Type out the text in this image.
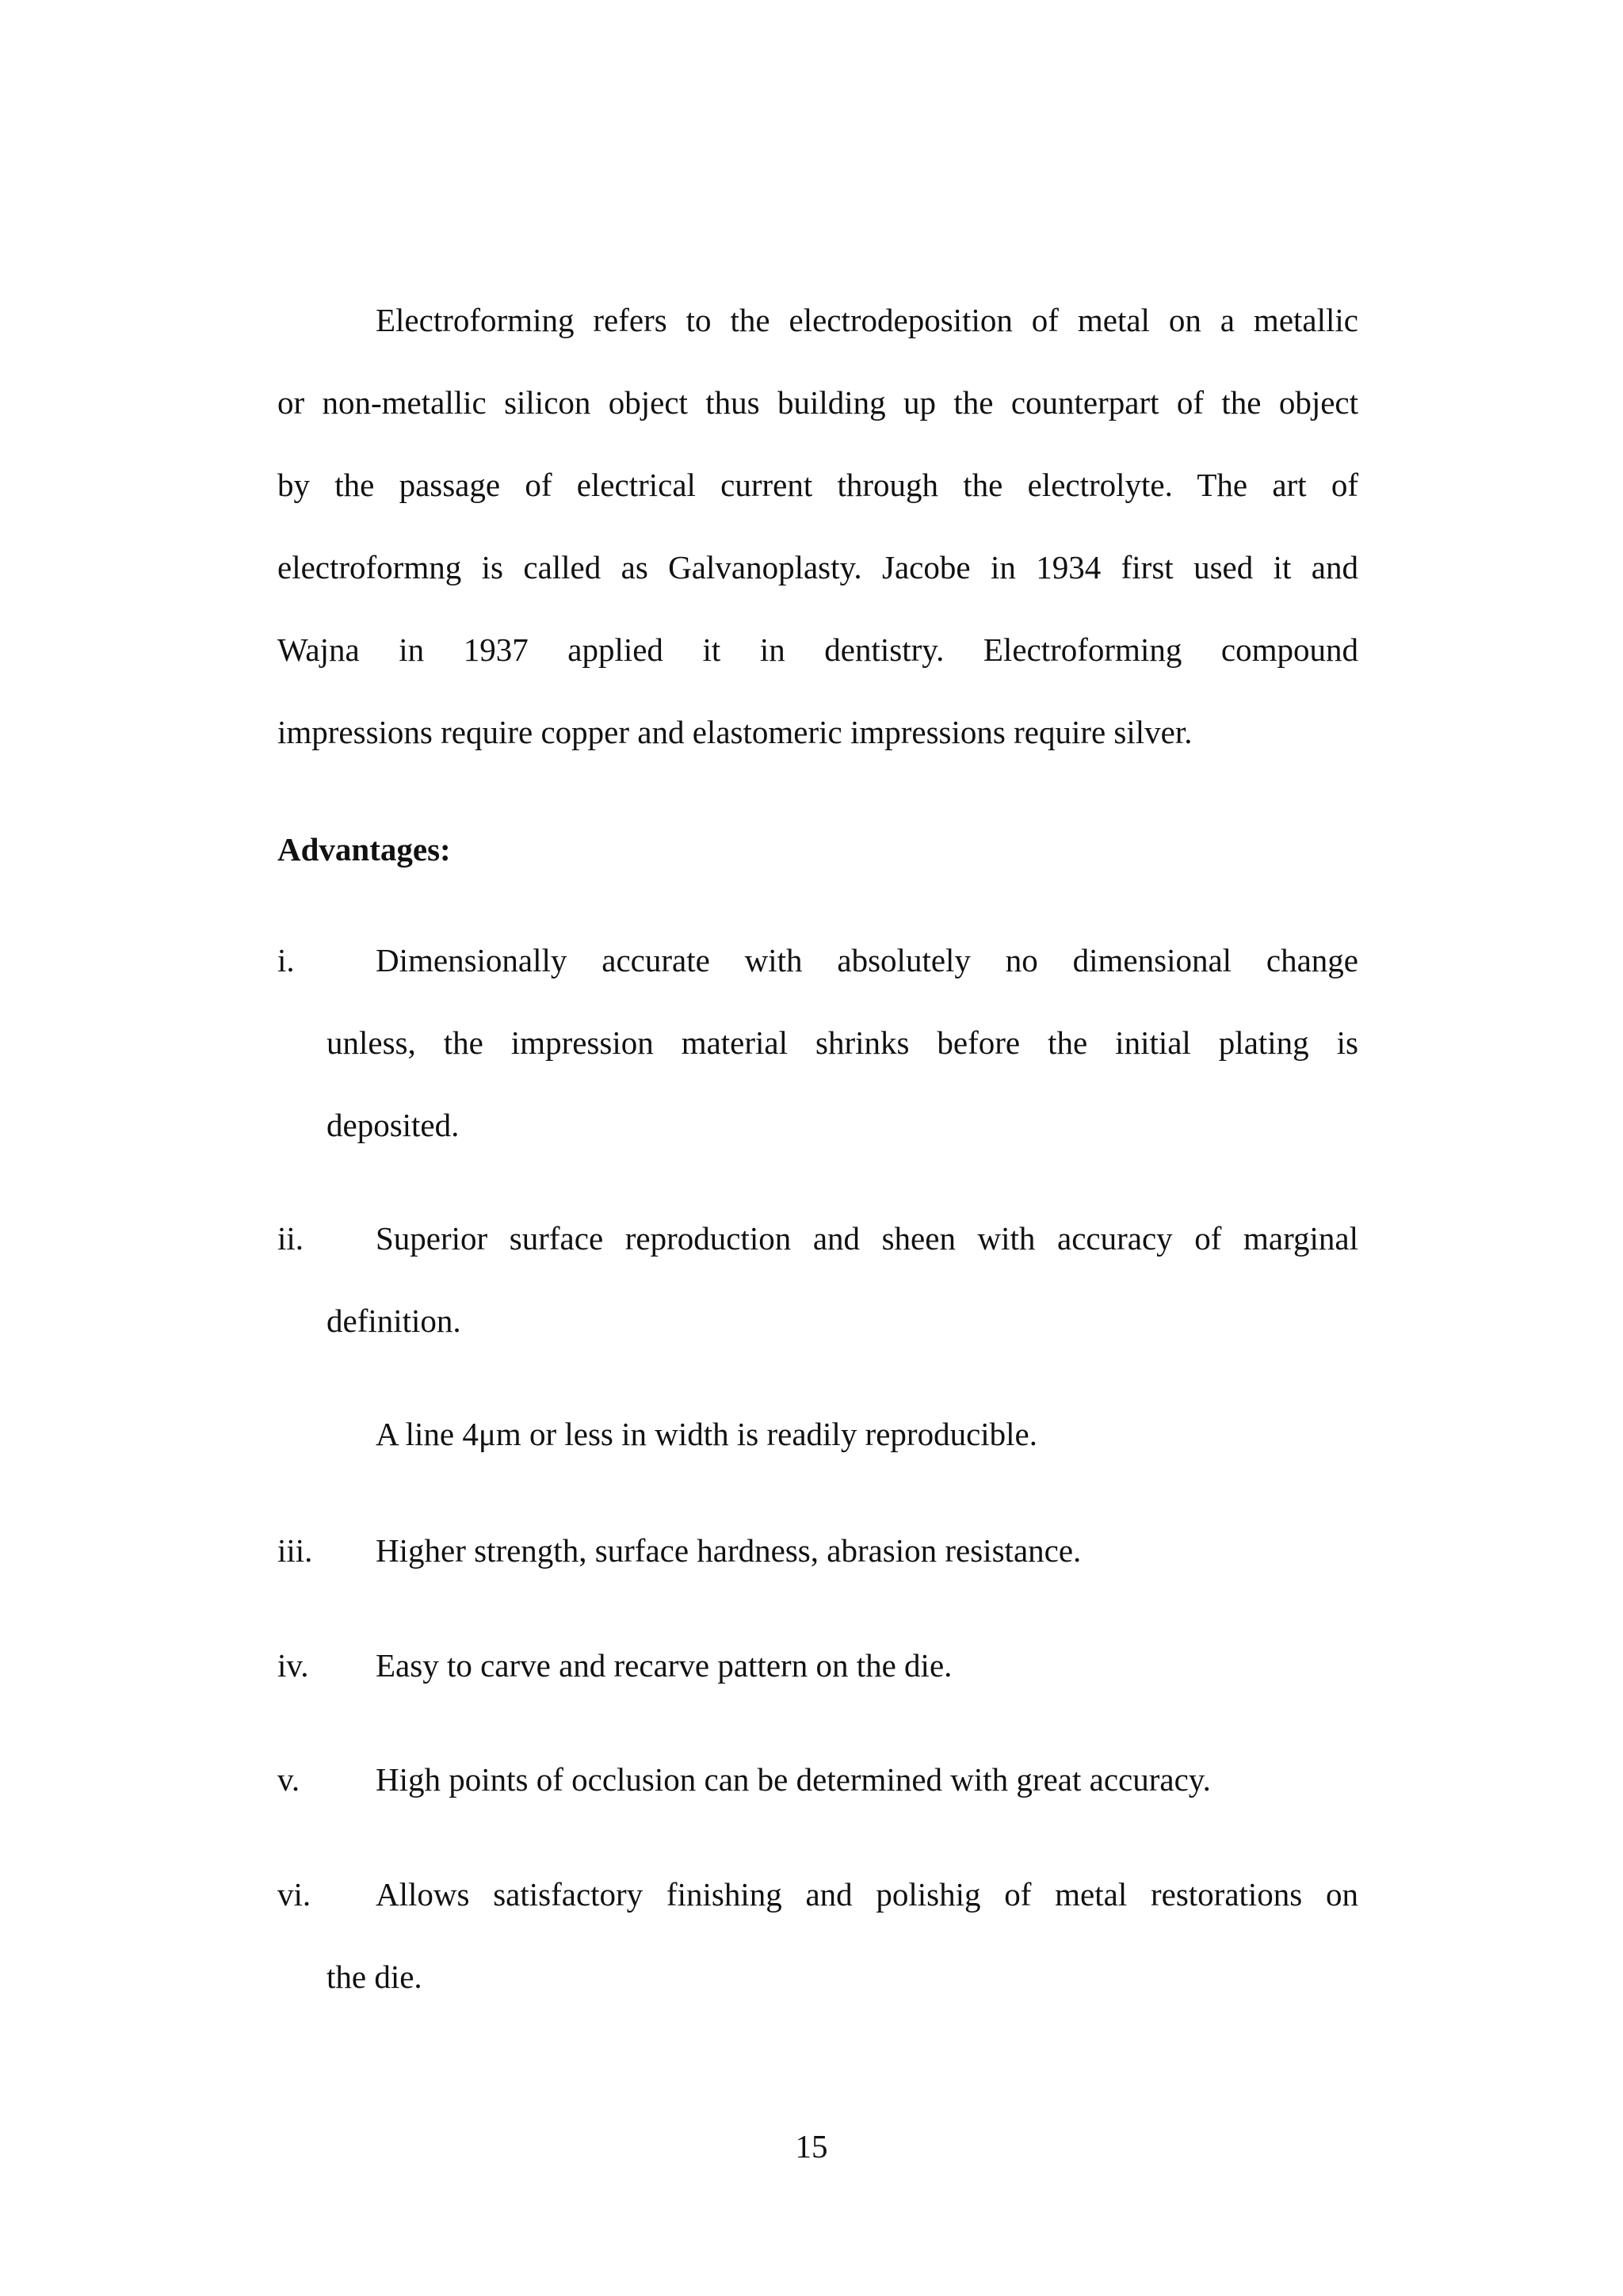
Electroforming refers to the electrodeposition of metal on a metallic
or non-metallic silicon object thus building up the counterpart of the object
by the passage of electrical current through the electrolyte. The art of
electroformng is called as Galvanoplasty. Jacobe in 1934 first used it and
Wajna in 1937 applied it in dentistry. Electroforming compound
impressions require copper and elastomeric impressions require silver.
Advantages:
i. Dimensionally accurate with absolutely no dimensional change
unless, the impression material shrinks before the initial plating is
deposited.
ii. Superior surface reproduction and sheen with accuracy of marginal
definition.
A line 4μm or less in width is readily reproducible.
iii. Higher strength, surface hardness, abrasion resistance.
iv. Easy to carve and recarve pattern on the die.
v. High points of occlusion can be determined with great accuracy.
vi. Allows satisfactory finishing and polishig of metal restorations on
the die.
15
